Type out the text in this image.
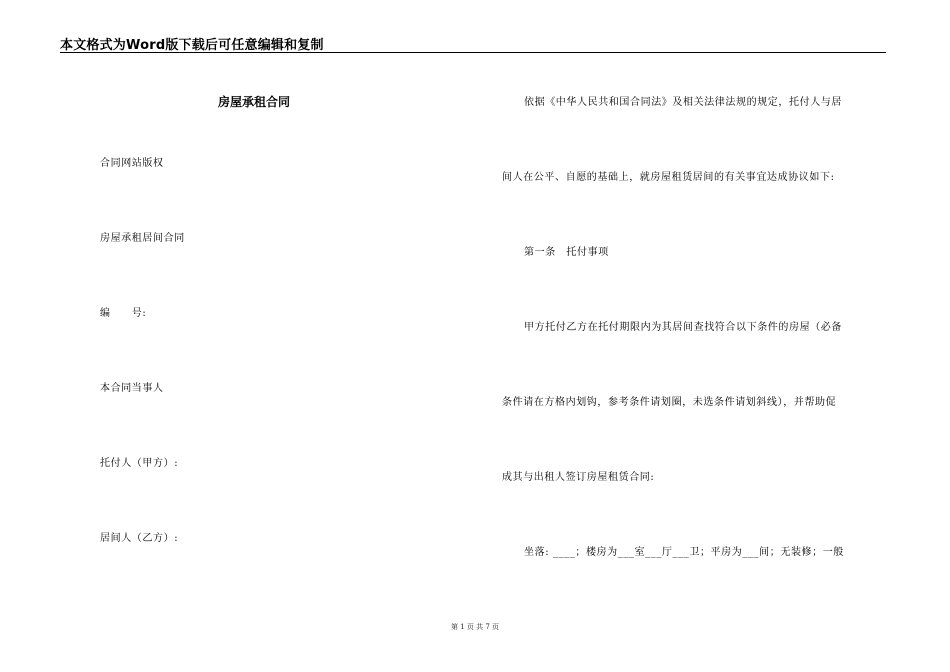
本文格式为Word版下载后可任意编辑和复制
房屋承租合同
合同网站版权
房屋承租居间合同
编　　号:
本合同当事人
托付人（甲方）:
居间人（乙方）:
依据《中华人民共和国合同法》及相关法律法规的规定，托付人与居
间人在公平、自愿的基础上，就房屋租赁居间的有关事宜达成协议如下:
第一条　托付事项
甲方托付乙方在托付期限内为其居间查找符合以下条件的房屋（必备
条件请在方格内划钩，参考条件请划圈，未选条件请划斜线），并帮助促
成其与出租人签订房屋租赁合同:
坐落: ____；楼房为___室___厅___卫；平房为___间；无装修；一般
第 1 页 共 7 页
